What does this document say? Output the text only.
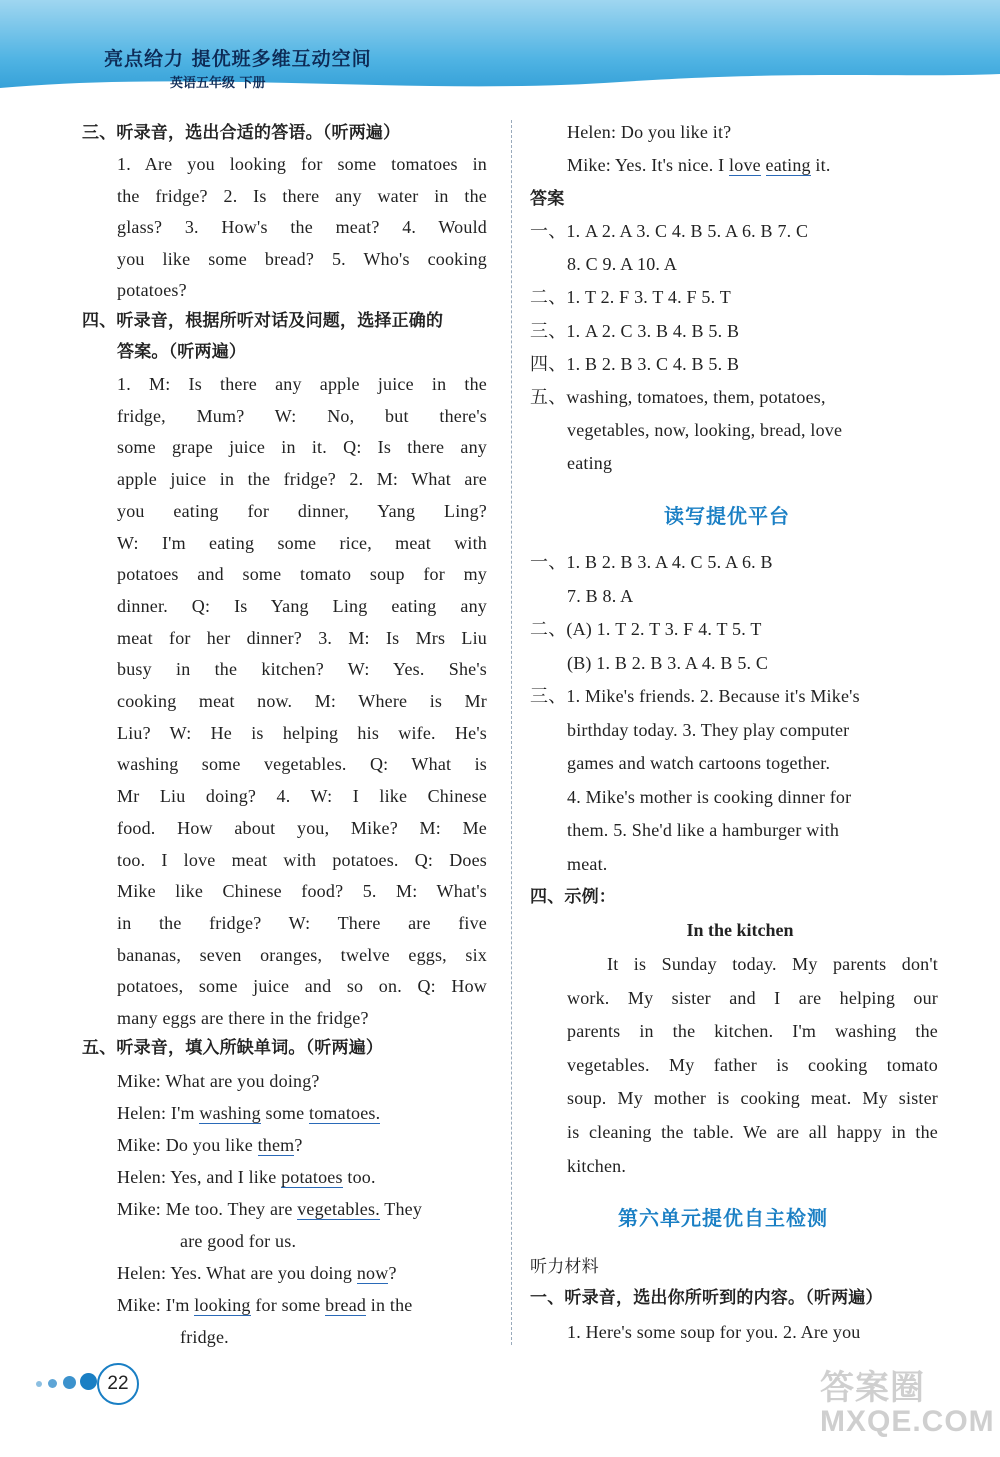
亮点给力 提优班多维互动空间
英语五年级 下册
三、听录音，选出合适的答语。（听两遍）
1. Are you looking for some tomatoes in
the fridge? 2. Is there any water in the
glass? 3. How's the meat? 4. Would
you like some bread? 5. Who's cooking
potatoes?
四、听录音，根据所听对话及问题，选择正确的
答案。（听两遍）
1. M: Is there any apple juice in the
fridge, Mum? W: No, but there's
some grape juice in it. Q: Is there any
apple juice in the fridge? 2. M: What are
you eating for dinner, Yang Ling?
W: I'm eating some rice, meat with
potatoes and some tomato soup for my
dinner. Q: Is Yang Ling eating any
meat for her dinner? 3. M: Is Mrs Liu
busy in the kitchen? W: Yes. She's
cooking meat now. M: Where is Mr
Liu? W: He is helping his wife. He's
washing some vegetables. Q: What is
Mr Liu doing? 4. W: I like Chinese
food. How about you, Mike? M: Me
too. I love meat with potatoes. Q: Does
Mike like Chinese food? 5. M: What's
in the fridge? W: There are five
bananas, seven oranges, twelve eggs, six
potatoes, some juice and so on. Q: How
many eggs are there in the fridge?
五、听录音，填入所缺单词。（听两遍）
Mike: What are you doing?
Helen: I'm washing some tomatoes.
Mike: Do you like them?
Helen: Yes, and I like potatoes too.
Mike: Me too. They are vegetables. They
are good for us.
Helen: Yes. What are you doing now?
Mike: I'm looking for some bread in the
fridge.
Helen: Do you like it?
Mike: Yes. It's nice. I love eating it.
答案
一、1. A 2. A 3. C 4. B 5. A 6. B 7. C
8. C 9. A 10. A
二、1. T 2. F 3. T 4. F 5. T
三、1. A 2. C 3. B 4. B 5. B
四、1. B 2. B 3. C 4. B 5. B
五、washing, tomatoes, them, potatoes,
vegetables, now, looking, bread, love
eating
读写提优平台
一、1. B 2. B 3. A 4. C 5. A 6. B
7. B 8. A
二、(A) 1. T 2. T 3. F 4. T 5. T
(B) 1. B 2. B 3. A 4. B 5. C
三、1. Mike's friends. 2. Because it's Mike's
birthday today. 3. They play computer
games and watch cartoons together.
4. Mike's mother is cooking dinner for
them. 5. She'd like a hamburger with
meat.
四、示例：
In the kitchen
It is Sunday today. My parents don't
work. My sister and I are helping our
parents in the kitchen. I'm washing the
vegetables. My father is cooking tomato
soup. My mother is cooking meat. My sister
is cleaning the table. We are all happy in the
kitchen.
第六单元提优自主检测
听力材料
一、听录音，选出你所听到的内容。（听两遍）
1. Here's some soup for you. 2. Are you
22	答案圈
MXQE.COM
